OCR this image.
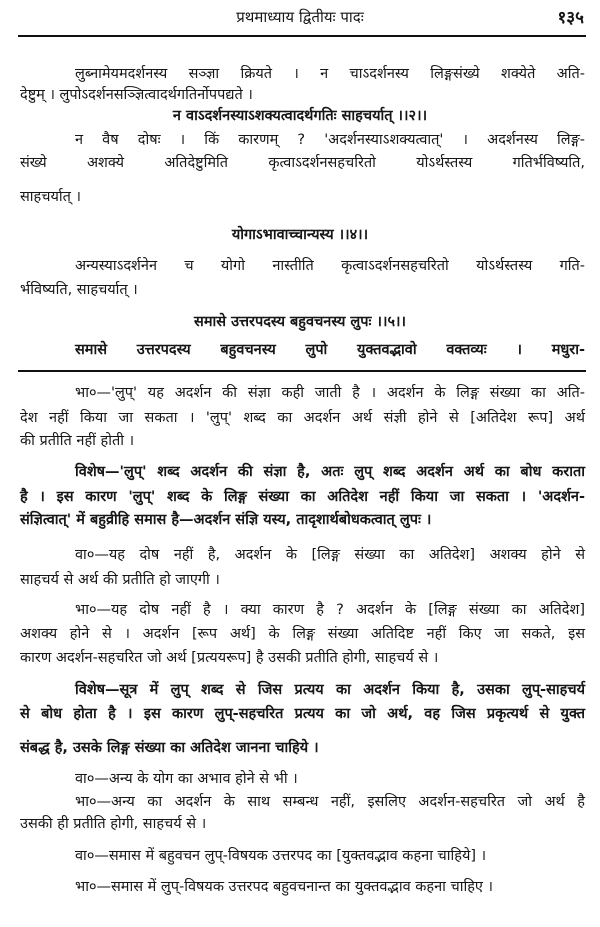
प्रथमाध्याय द्वितीयः पादः	१३५
लुब्नामेयमदर्शनस्य सञ्ज्ञा क्रियते । न चाऽदर्शनस्य लिङ्गसंख्ये शक्येते अति-
देष्टुम् । लुपोऽदर्शनसञ्ज्ञित्वादर्थगतिर्नोपपद्यते ।
न वाऽदर्शनस्याऽशक्यत्वादर्थगतिः साहचर्यात् ।।२।।
न वैष दोषः । किं कारणम् ? 'अदर्शनस्याऽशक्यत्वात्' । अदर्शनस्य लिङ्ग-
संख्ये अशक्ये अतिदेष्टुमिति कृत्वाऽदर्शनसहचरितो योऽर्थस्तस्य गतिर्भविष्यति,
साहचर्यात् ।
योगाऽभावाच्चान्यस्य ।।४।।
अन्यस्याऽदर्शनेन च योगो नास्तीति कृत्वाऽदर्शनसहचरितो योऽर्थस्तस्य गति-
र्भविष्यति, साहचर्यात् ।
समासे उत्तरपदस्य बहुवचनस्य लुपः ।।५।।
समासे उत्तरपदस्य बहुवचनस्य लुपो युक्तवद्भावो वक्तव्यः । मधुरा-
भा०—'लुप्' यह अदर्शन की संज्ञा कही जाती है । अदर्शन के लिङ्ग संख्या का अति-
देश नहीं किया जा सकता । 'लुप्' शब्द का अदर्शन अर्थ संज्ञी होने से [अतिदेश रूप] अर्थ
की प्रतीति नहीं होती ।
विशेष—'लुप्' शब्द अदर्शन की संज्ञा है, अतः लुप् शब्द अदर्शन अर्थ का बोध कराता
है । इस कारण 'लुप्' शब्द के लिङ्ग संख्या का अतिदेश नहीं किया जा सकता । 'अदर्शन-
संज्ञित्वात्' में बहुव्रीहि समास है—अदर्शन संज्ञि यस्य, तादृशार्थबोधकत्वात् लुपः ।
वा०—यह दोष नहीं है, अदर्शन के [लिङ्ग संख्या का अतिदेश] अशक्य होने से
साहचर्य से अर्थ की प्रतीति हो जाएगी ।
भा०—यह दोष नहीं है । क्या कारण है ? अदर्शन के [लिङ्ग संख्या का अतिदेश]
अशक्य होने से । अदर्शन [रूप अर्थ] के लिङ्ग संख्या अतिदिष्ट नहीं किए जा सकते, इस
कारण अदर्शन-सहचरित जो अर्थ [प्रत्ययरूप] है उसकी प्रतीति होगी, साहचर्य से ।
विशेष—सूत्र में लुप् शब्द से जिस प्रत्यय का अदर्शन किया है, उसका लुप्-साहचर्य
से बोध होता है । इस कारण लुप्-सहचरित प्रत्यय का जो अर्थ, वह जिस प्रकृत्यर्थ से युक्त
संबद्ध है, उसके लिङ्ग संख्या का अतिदेश जानना चाहिये ।
वा०—अन्य के योग का अभाव होने से भी ।
भा०—अन्य का अदर्शन के साथ सम्बन्ध नहीं, इसलिए अदर्शन-सहचरित जो अर्थ है
उसकी ही प्रतीति होगी, साहचर्य से ।
वा०—समास में बहुवचन लुप्-विषयक उत्तरपद का [युक्तवद्भाव कहना चाहिये] ।
भा०—समास में लुप्-विषयक उत्तरपद बहुवचनान्त का युक्तवद्भाव कहना चाहिए ।
